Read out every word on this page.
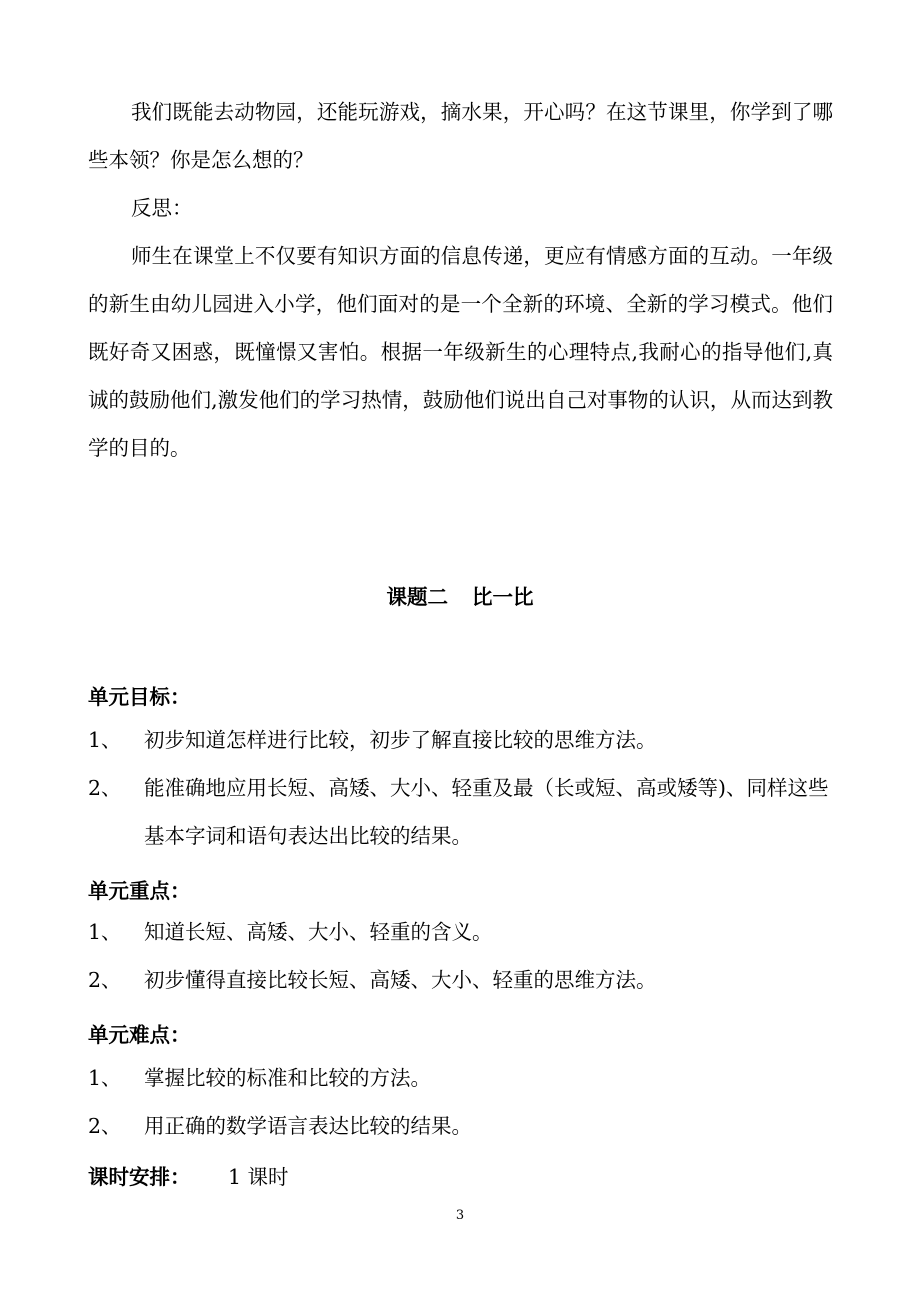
我们既能去动物园，还能玩游戏，摘水果，开心吗？在这节课里，你学到了哪些本领？你是怎么想的？
反思：
师生在课堂上不仅要有知识方面的信息传递，更应有情感方面的互动。一年级的新生由幼儿园进入小学，他们面对的是一个全新的环境、全新的学习模式。他们既好奇又困惑，既憧憬又害怕。根据一年级新生的心理特点,我耐心的指导他们,真诚的鼓励他们,激发他们的学习热情，鼓励他们说出自己对事物的认识，从而达到教学的目的。
课题二 比一比
单元目标：
1、 初步知道怎样进行比较，初步了解直接比较的思维方法。
2、 能准确地应用长短、高矮、大小、轻重及最（长或短、高或矮等)、同样这些基本字词和语句表达出比较的结果。
单元重点：
1、 知道长短、高矮、大小、轻重的含义。
2、 初步懂得直接比较长短、高矮、大小、轻重的思维方法。
单元难点：
1、 掌握比较的标准和比较的方法。
2、 用正确的数学语言表达比较的结果。
课时安排： 1 课时
3
